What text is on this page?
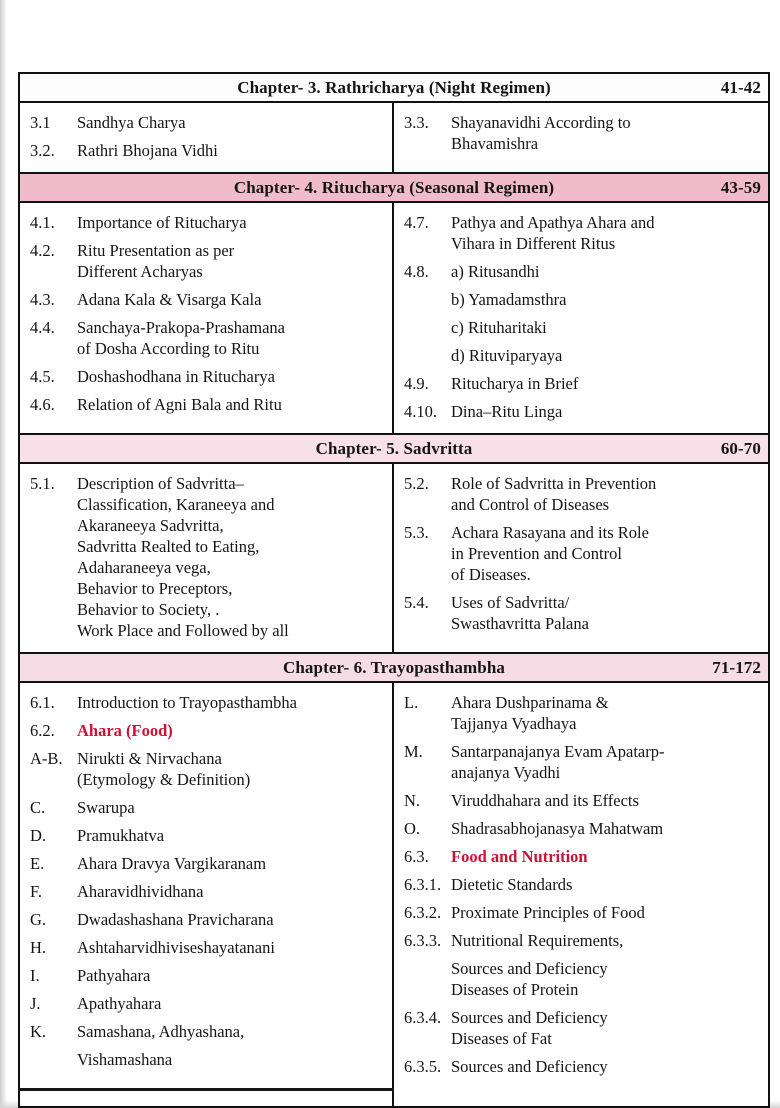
Chapter- 3. Rathricharya (Night Regimen)	41-42
3.1	Sandhya Charya
3.2.	Rathri Bhojana Vidhi
3.3.	Shayanavidhi According to
Bhavamishra
Chapter- 4. Ritucharya (Seasonal Regimen)	43-59
4.1.	Importance of Ritucharya
4.2.	Ritu Presentation as per
Different Acharyas
4.3.	Adana Kala & Visarga Kala
4.4.	Sanchaya-Prakopa-Prashamana
of Dosha According to Ritu
4.5.	Doshashodhana in Ritucharya
4.6.	Relation of Agni Bala and Ritu
4.7.	Pathya and Apathya Ahara and
Vihara in Different Ritus
4.8.	a) Ritusandhi
b) Yamadamsthra
c) Rituharitaki
d) Rituviparyaya
4.9.	Ritucharya in Brief
4.10. Dina–Ritu Linga
Chapter- 5. Sadvritta	60-70
5.1.	Description of Sadvritta–
Classification, Karaneeya and
Akaraneeya Sadvritta,
Sadvritta Realted to Eating,
Adaharaneeya vega,
Behavior to Preceptors,
Behavior to Society, .
Work Place and Followed by all
5.2.	Role of Sadvritta in Prevention
and Control of Diseases
5.3.	Achara Rasayana and its Role
in Prevention and Control
of Diseases.
5.4.	Uses of Sadvritta/
Swasthavritta Palana
Chapter- 6. Trayopasthambha	71-172
6.1.	Introduction to Trayopasthambha
6.2.	Ahara (Food)
A-B. Nirukti & Nirvachana
(Etymology & Definition)
C.	Swarupa
D.	Pramukhatva
E.	Ahara Dravya Vargikaranam
F.	Aharavidhividhana
G.	Dwadashashana Pravicharana
H.	Ashtaharvidhiviseshayatanani
I.	Pathyahara
J.	Apathyahara
K.	Samashana, Adhyashana,
Vishamashana
L.	Ahara Dushparinama &
Tajjanya Vyadhaya
M.	Santarpanajanya Evam Apatarp-
anajanya Vyadhi
N.	Viruddhahara and its Effects
O.	Shadrasabhojanasya Mahatwam
6.3.	Food and Nutrition
6.3.1. Dietetic Standards
6.3.2. Proximate Principles of Food
6.3.3. Nutritional Requirements,
Sources and Deficiency
Diseases of Protein
6.3.4. Sources and Deficiency
Diseases of Fat
6.3.5. Sources and Deficiency
